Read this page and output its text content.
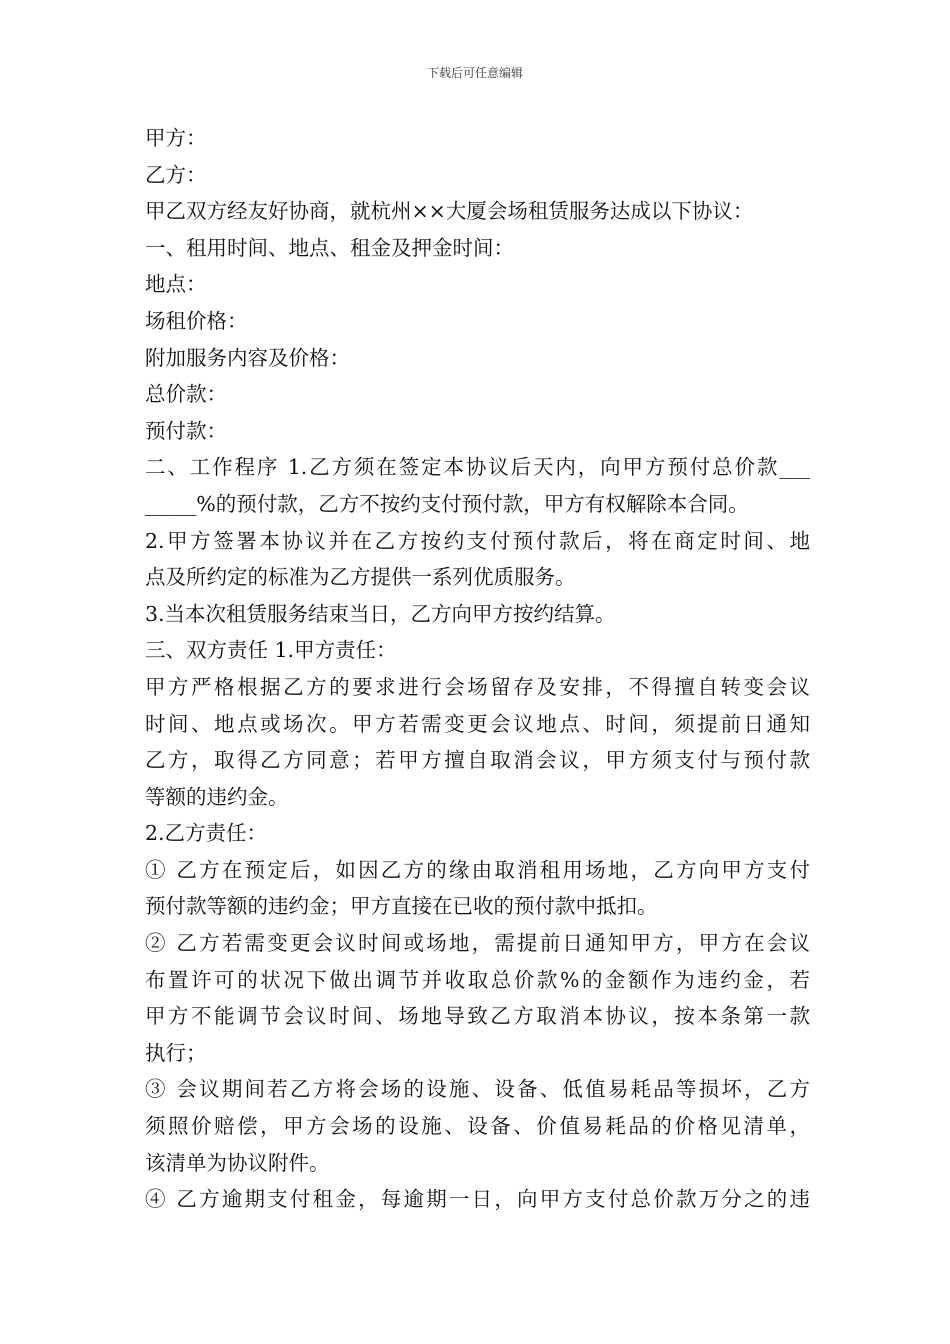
下载后可任意编辑
甲方：
乙方：
甲乙双方经友好协商，就杭州××大厦会场租赁服务达成以下协议：
一、租用时间、地点、租金及押金时间：
地点：
场租价格：
附加服务内容及价格：
总价款：
预付款：
二、工作程序 1.乙方须在签定本协议后天内，向甲方预付总价款___
_____%的预付款，乙方不按约支付预付款，甲方有权解除本合同。
2.甲方签署本协议并在乙方按约支付预付款后，将在商定时间、地
点及所约定的标准为乙方提供一系列优质服务。
3.当本次租赁服务结束当日，乙方向甲方按约结算。
三、双方责任 1.甲方责任：
甲方严格根据乙方的要求进行会场留存及安排，不得擅自转变会议
时间、地点或场次。甲方若需变更会议地点、时间，须提前日通知
乙方，取得乙方同意；若甲方擅自取消会议，甲方须支付与预付款
等额的违约金。
2.乙方责任：
① 乙方在预定后，如因乙方的缘由取消租用场地，乙方向甲方支付
预付款等额的违约金；甲方直接在已收的预付款中抵扣。
② 乙方若需变更会议时间或场地，需提前日通知甲方，甲方在会议
布置许可的状况下做出调节并收取总价款%的金额作为违约金，若
甲方不能调节会议时间、场地导致乙方取消本协议，按本条第一款
执行；
③ 会议期间若乙方将会场的设施、设备、低值易耗品等损坏，乙方
须照价赔偿，甲方会场的设施、设备、价值易耗品的价格见清单，
该清单为协议附件。
④ 乙方逾期支付租金，每逾期一日，向甲方支付总价款万分之的违
